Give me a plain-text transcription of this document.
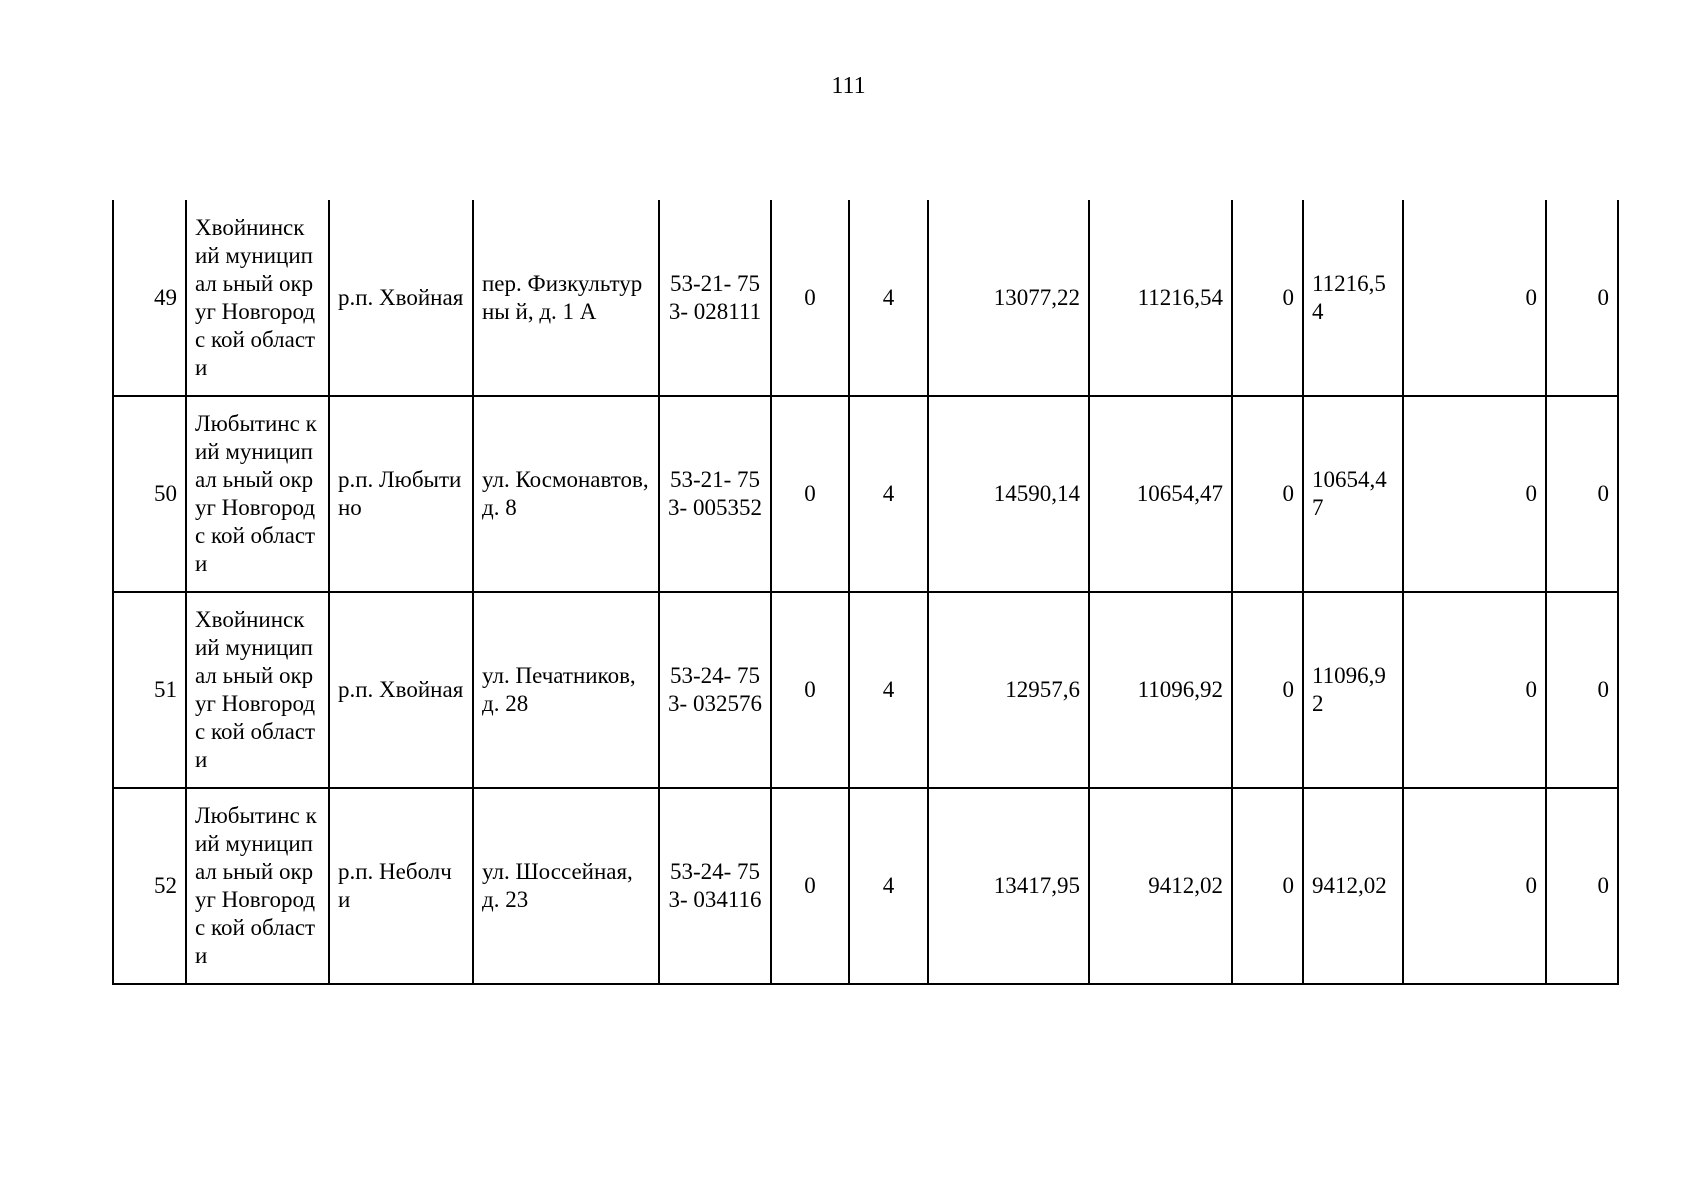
111
49	Хвойнинск ий муниципал ьный округ Новгородс кой области	р.п. Хвойная	пер. Физкультурны й, д. 1 А	53-21- 753- 028111	0	4	13077,22	11216,54	0	11216,54	0	0
50	Любытинс кий муниципал ьный округ Новгородс кой области	р.п. Любытино	ул. Космонавтов, д. 8	53-21- 753- 005352	0	4	14590,14	10654,47	0	10654,47	0	0
51	Хвойнинск ий муниципал ьный округ Новгородс кой области	р.п. Хвойная	ул. Печатников, д. 28	53-24- 753- 032576	0	4	12957,6	11096,92	0	11096,92	0	0
52	Любытинс кий муниципал ьный округ Новгородс кой области	р.п. Неболчи	ул. Шоссейная, д. 23	53-24- 753- 034116	0	4	13417,95	9412,02	0	9412,02	0	0
